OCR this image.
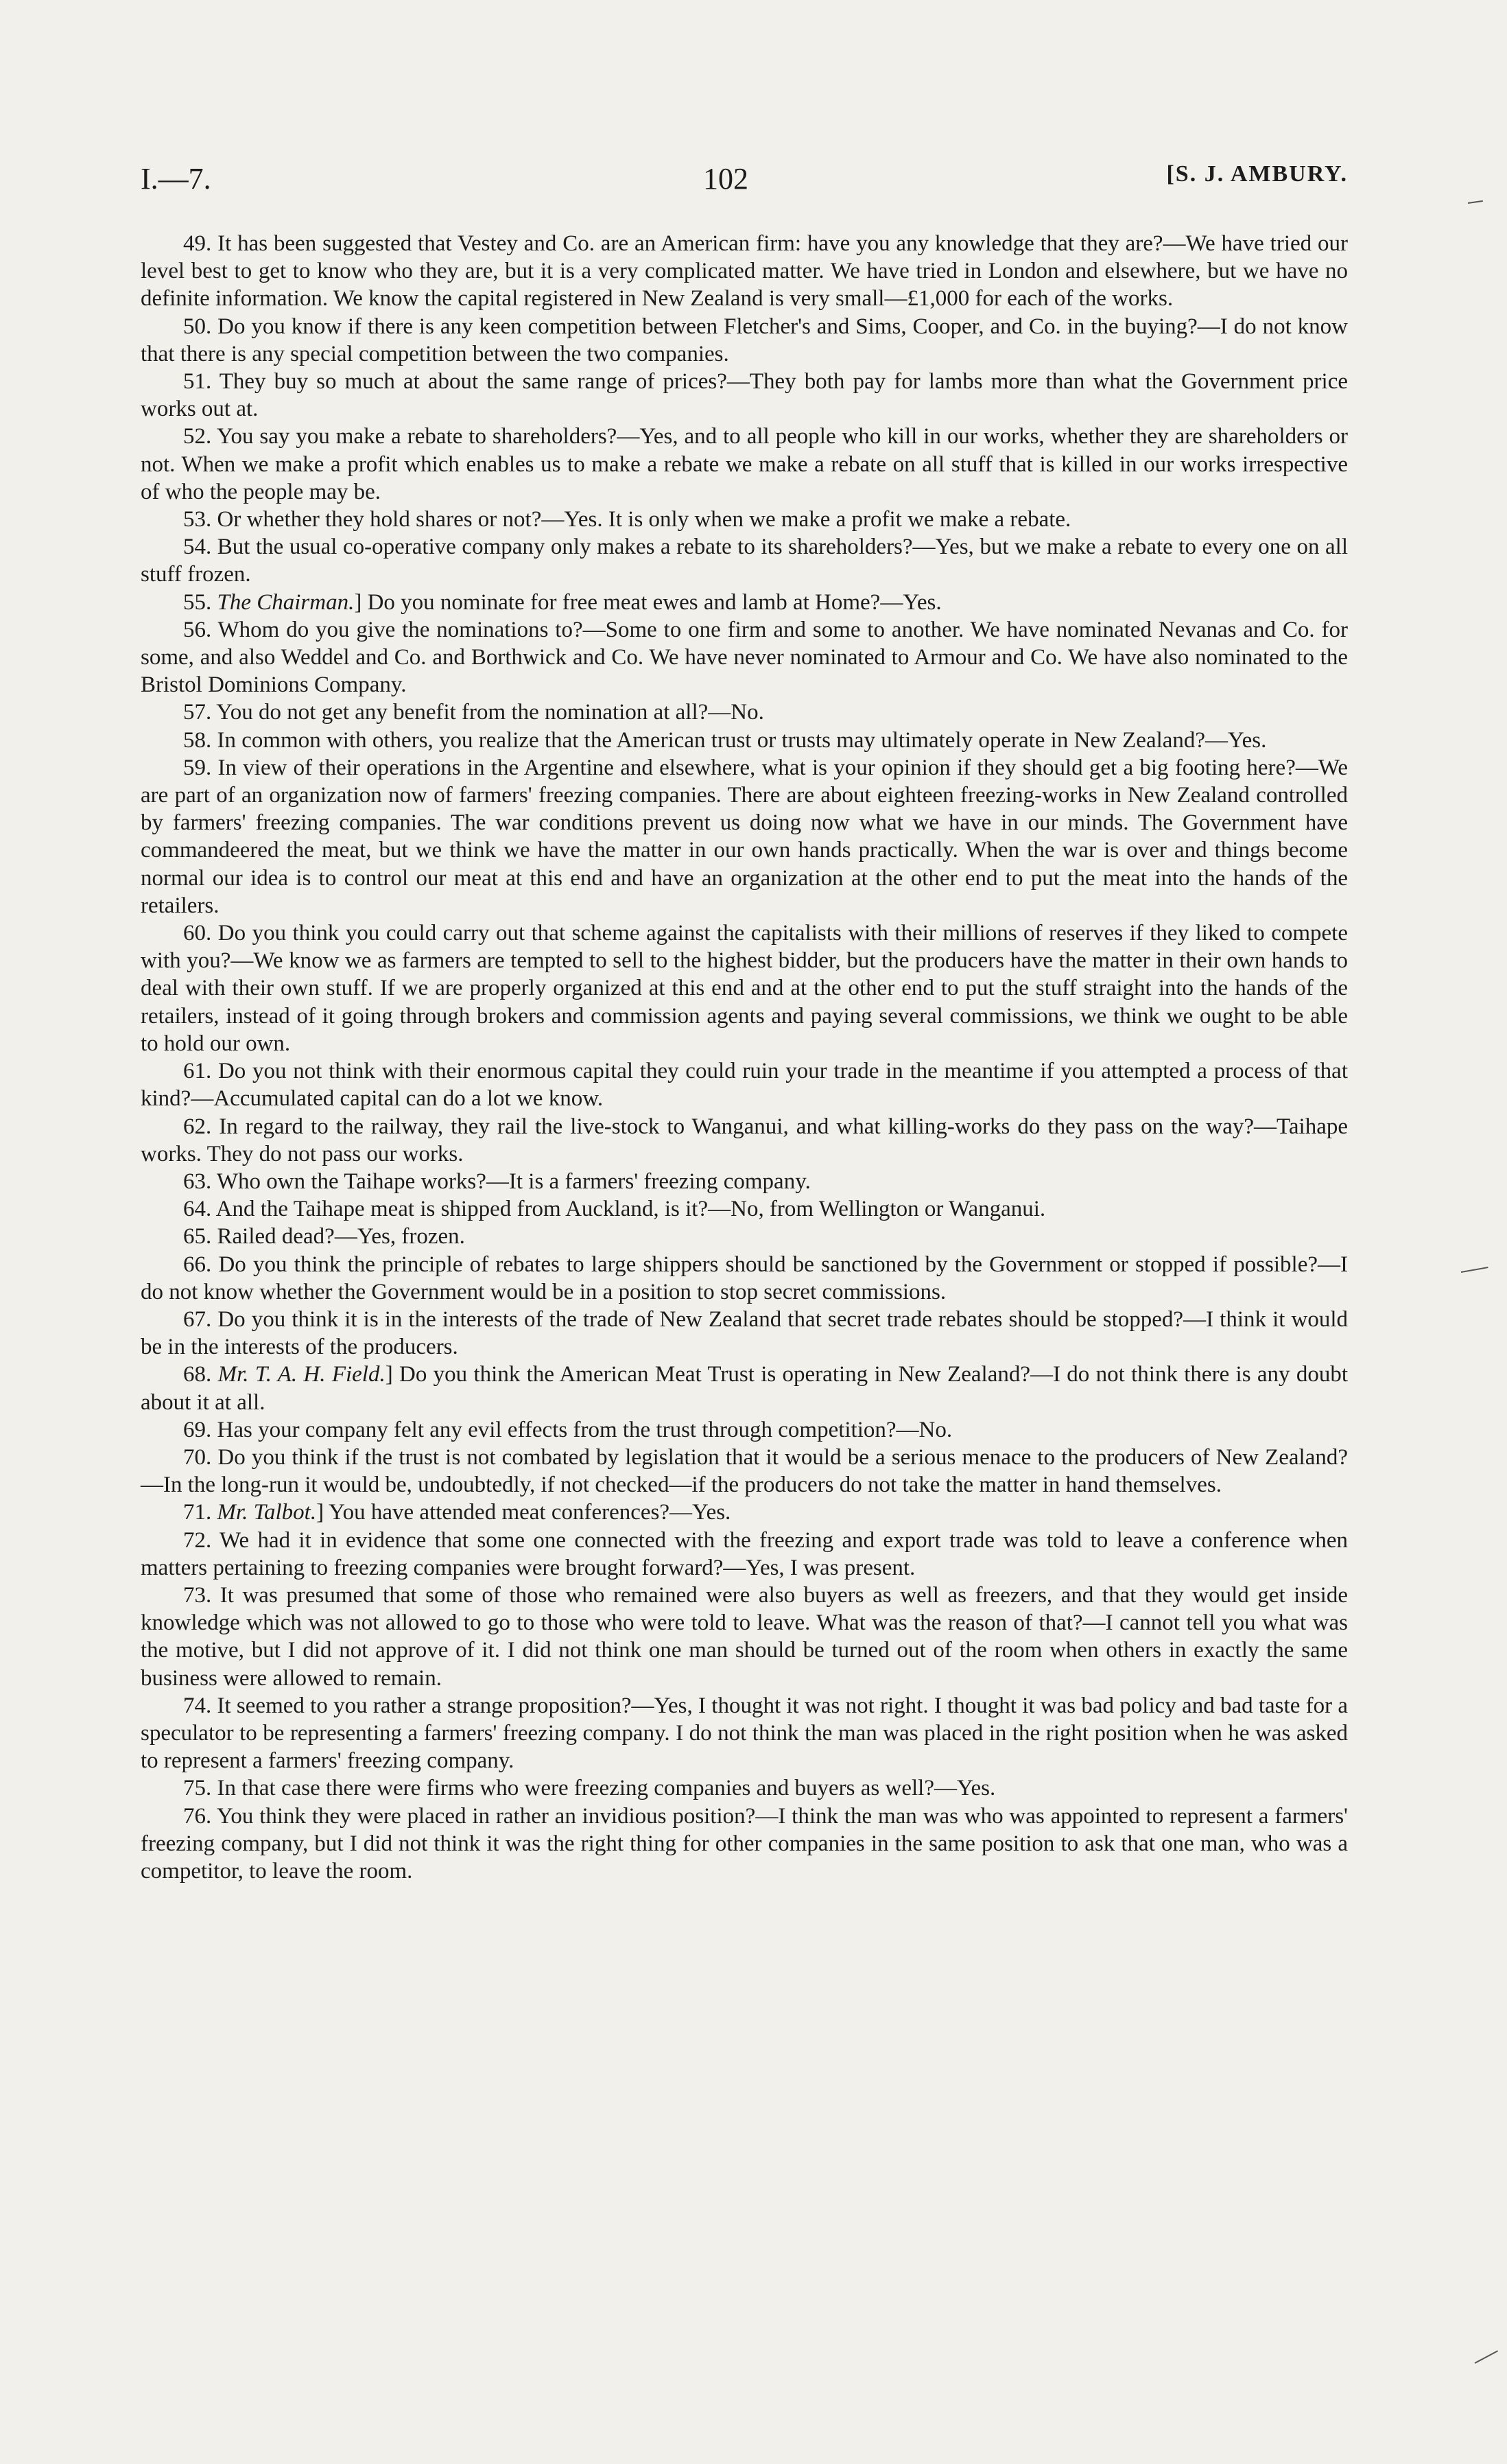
I.—7.	102	[S. J. AMBURY.

49. It has been suggested that Vestey and Co. are an American firm: have you any knowledge that they are?—We have tried our level best to get to know who they are, but it is a very complicated matter. We have tried in London and elsewhere, but we have no definite information. We know the capital registered in New Zealand is very small—£1,000 for each of the works.

50. Do you know if there is any keen competition between Fletcher's and Sims, Cooper, and Co. in the buying?—I do not know that there is any special competition between the two companies.

51. They buy so much at about the same range of prices?—They both pay for lambs more than what the Government price works out at.

52. You say you make a rebate to shareholders?—Yes, and to all people who kill in our works, whether they are shareholders or not. When we make a profit which enables us to make a rebate we make a rebate on all stuff that is killed in our works irrespective of who the people may be.

53. Or whether they hold shares or not?—Yes. It is only when we make a profit we make a rebate.

54. But the usual co-operative company only makes a rebate to its shareholders?—Yes, but we make a rebate to every one on all stuff frozen.

55. The Chairman.] Do you nominate for free meat ewes and lamb at Home?—Yes.

56. Whom do you give the nominations to?—Some to one firm and some to another. We have nominated Nevanas and Co. for some, and also Weddel and Co. and Borthwick and Co. We have never nominated to Armour and Co. We have also nominated to the Bristol Dominions Company.

57. You do not get any benefit from the nomination at all?—No.

58. In common with others, you realize that the American trust or trusts may ultimately operate in New Zealand?—Yes.

59. In view of their operations in the Argentine and elsewhere, what is your opinion if they should get a big footing here?—We are part of an organization now of farmers' freezing companies. There are about eighteen freezing-works in New Zealand controlled by farmers' freezing companies. The war conditions prevent us doing now what we have in our minds. The Government have commandeered the meat, but we think we have the matter in our own hands practically. When the war is over and things become normal our idea is to control our meat at this end and have an organization at the other end to put the meat into the hands of the retailers.

60. Do you think you could carry out that scheme against the capitalists with their millions of reserves if they liked to compete with you?—We know we as farmers are tempted to sell to the highest bidder, but the producers have the matter in their own hands to deal with their own stuff. If we are properly organized at this end and at the other end to put the stuff straight into the hands of the retailers, instead of it going through brokers and commission agents and paying several commissions, we think we ought to be able to hold our own.

61. Do you not think with their enormous capital they could ruin your trade in the meantime if you attempted a process of that kind?—Accumulated capital can do a lot we know.

62. In regard to the railway, they rail the live-stock to Wanganui, and what killing-works do they pass on the way?—Taihape works. They do not pass our works.

63. Who own the Taihape works?—It is a farmers' freezing company.

64. And the Taihape meat is shipped from Auckland, is it?—No, from Wellington or Wanganui.

65. Railed dead?—Yes, frozen.

66. Do you think the principle of rebates to large shippers should be sanctioned by the Government or stopped if possible?—I do not know whether the Government would be in a position to stop secret commissions.

67. Do you think it is in the interests of the trade of New Zealand that secret trade rebates should be stopped?—I think it would be in the interests of the producers.

68. Mr. T. A. H. Field.] Do you think the American Meat Trust is operating in New Zealand?—I do not think there is any doubt about it at all.

69. Has your company felt any evil effects from the trust through competition?—No.

70. Do you think if the trust is not combated by legislation that it would be a serious menace to the producers of New Zealand?—In the long-run it would be, undoubtedly, if not checked—if the producers do not take the matter in hand themselves.

71. Mr. Talbot.] You have attended meat conferences?—Yes.

72. We had it in evidence that some one connected with the freezing and export trade was told to leave a conference when matters pertaining to freezing companies were brought forward?—Yes, I was present.

73. It was presumed that some of those who remained were also buyers as well as freezers, and that they would get inside knowledge which was not allowed to go to those who were told to leave. What was the reason of that?—I cannot tell you what was the motive, but I did not approve of it. I did not think one man should be turned out of the room when others in exactly the same business were allowed to remain.

74. It seemed to you rather a strange proposition?—Yes, I thought it was not right. I thought it was bad policy and bad taste for a speculator to be representing a farmers' freezing company. I do not think the man was placed in the right position when he was asked to represent a farmers' freezing company.

75. In that case there were firms who were freezing companies and buyers as well?—Yes.

76. You think they were placed in rather an invidious position?—I think the man was who was appointed to represent a farmers' freezing company, but I did not think it was the right thing for other companies in the same position to ask that one man, who was a competitor, to leave the room.
